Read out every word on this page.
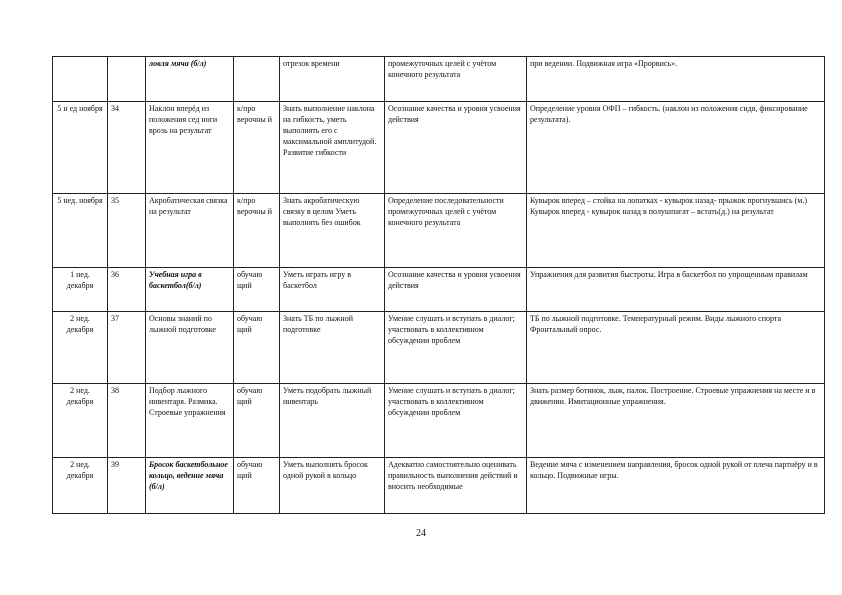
		ловля мяча (б/л)		отрезок времени	промежуточных целей с учётом конечного результата	при ведении. Подвижная игра «Прорвись».
5 н ед ноября	34	Наклон вперёд из положения сед ноги врозь на результат	к/про верочны й	Знать выполнение наклона на гибкость, уметь выполнять его с максимальной амплитудой. Развитие гибкости	Осознание качества и уровня усвоения действия	Определение уровня ОФП – гибкость. (наклон из положения сидя, фиксирование результата).
5 нед. ноября	35	Акробатическая связка на результат	к/про верочны й	Знать акробатическую связку в целом Уметь выполнять без ошибок	Определение последовательности промежуточных целей с учётом конечного результата	Кувырок вперед – стойка на лопатках - кувырок назад- прыжок прогнувшись (м.) Кувырок вперед - кувырок назад в полушпагат – встать(д.) на результат
1 нед. декабря	36	Учебная игра в баскетбол(б/л)	обучаю щий	Уметь играть игру в баскетбол	Осознание качества и уровня усвоения действия	Упражнения для развития быстроты. Игра в баскетбол по упрощенным правилам
2 нед. декабря	37	Основы знаний по лыжной подготовке	обучаю щий	Знать ТБ по лыжной подготовке	Умение слушать и вступать в диалог; участвовать в коллективном обсуждении проблем	ТБ по лыжной подготовке. Температурный режим. Виды лыжного спорта Фронтальный опрос.
2 нед. декабря	38	Подбор лыжного инвентаря. Размика. Строевые упражнения	обучаю щий	Уметь подобрать лыжный инвентарь	Умение слушать и вступать в диалог; участвовать в коллективном обсуждении проблем	Знать размер ботинок, лыж, палок. Построение. Строевые упражнения на месте и в движении. Имитационные упражнения.
2 нед. декабря	39	Бросок баскетбольное кольцо, ведение мяча (б/л)	обучаю щий	Уметь выполнять бросок одной рукой в кольцо	Адекватно самостоятельно оценивать правильность выполнения действий и вносить необходимые	Ведение мяча с изменением направления, бросок одной рукой от плеча партнёру и в кольцо. Подвижные игры.
24
